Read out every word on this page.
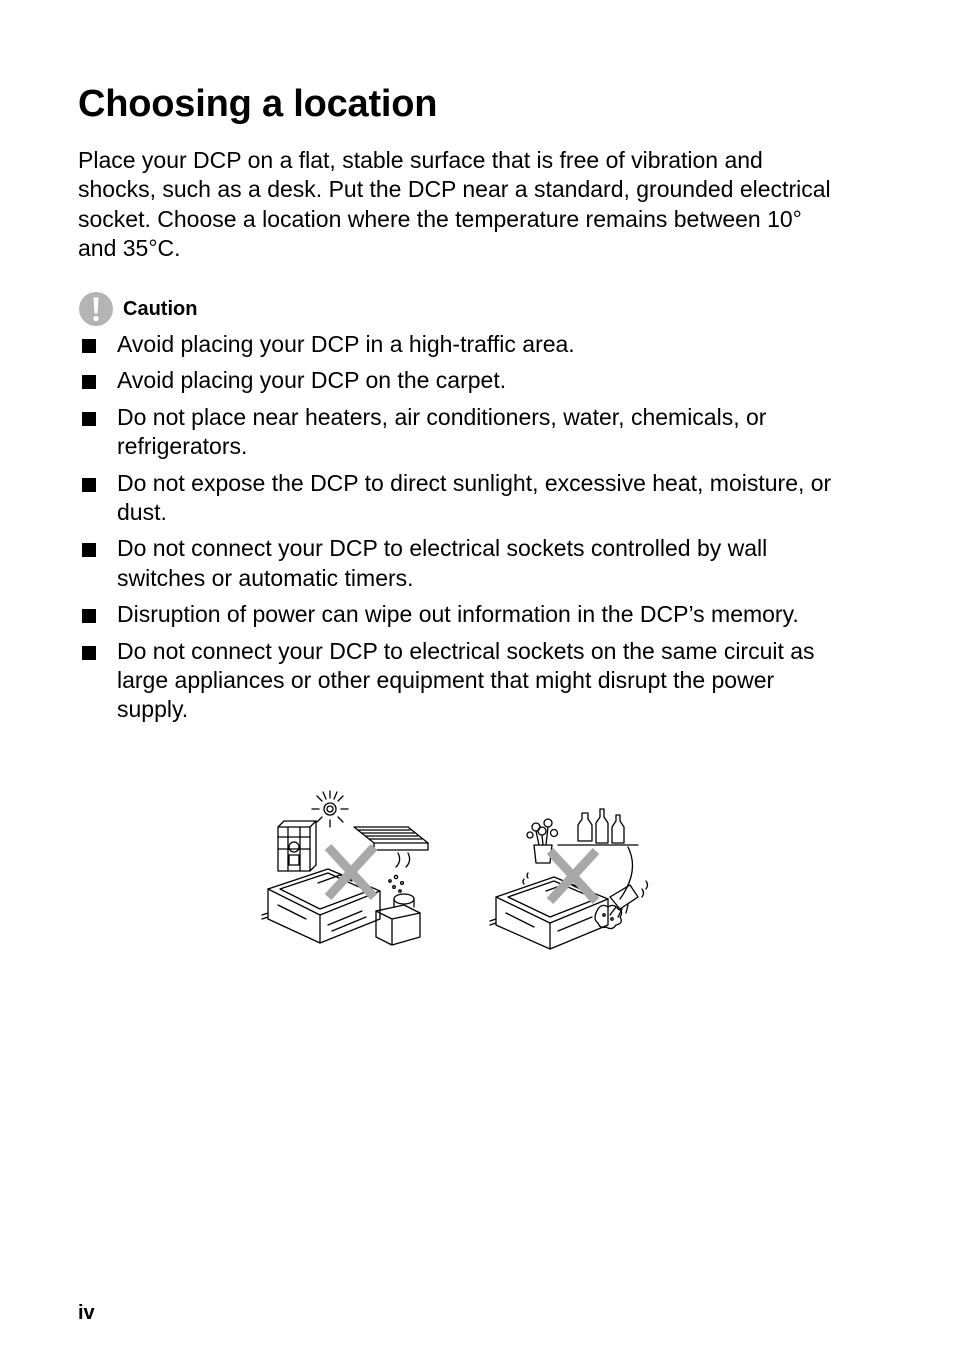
Choosing a location

Place your DCP on a flat, stable surface that is free of vibration and shocks, such as a desk. Put the DCP near a standard, grounded electrical socket. Choose a location where the temperature remains between 10° and 35°C.

Caution
Avoid placing your DCP in a high-traffic area.
Avoid placing your DCP on the carpet.
Do not place near heaters, air conditioners, water, chemicals, or refrigerators.
Do not expose the DCP to direct sunlight, excessive heat, moisture, or dust.
Do not connect your DCP to electrical sockets controlled by wall switches or automatic timers.
Disruption of power can wipe out information in the DCP’s memory.
Do not connect your DCP to electrical sockets on the same circuit as large appliances or other equipment that might disrupt the power supply.
iv
